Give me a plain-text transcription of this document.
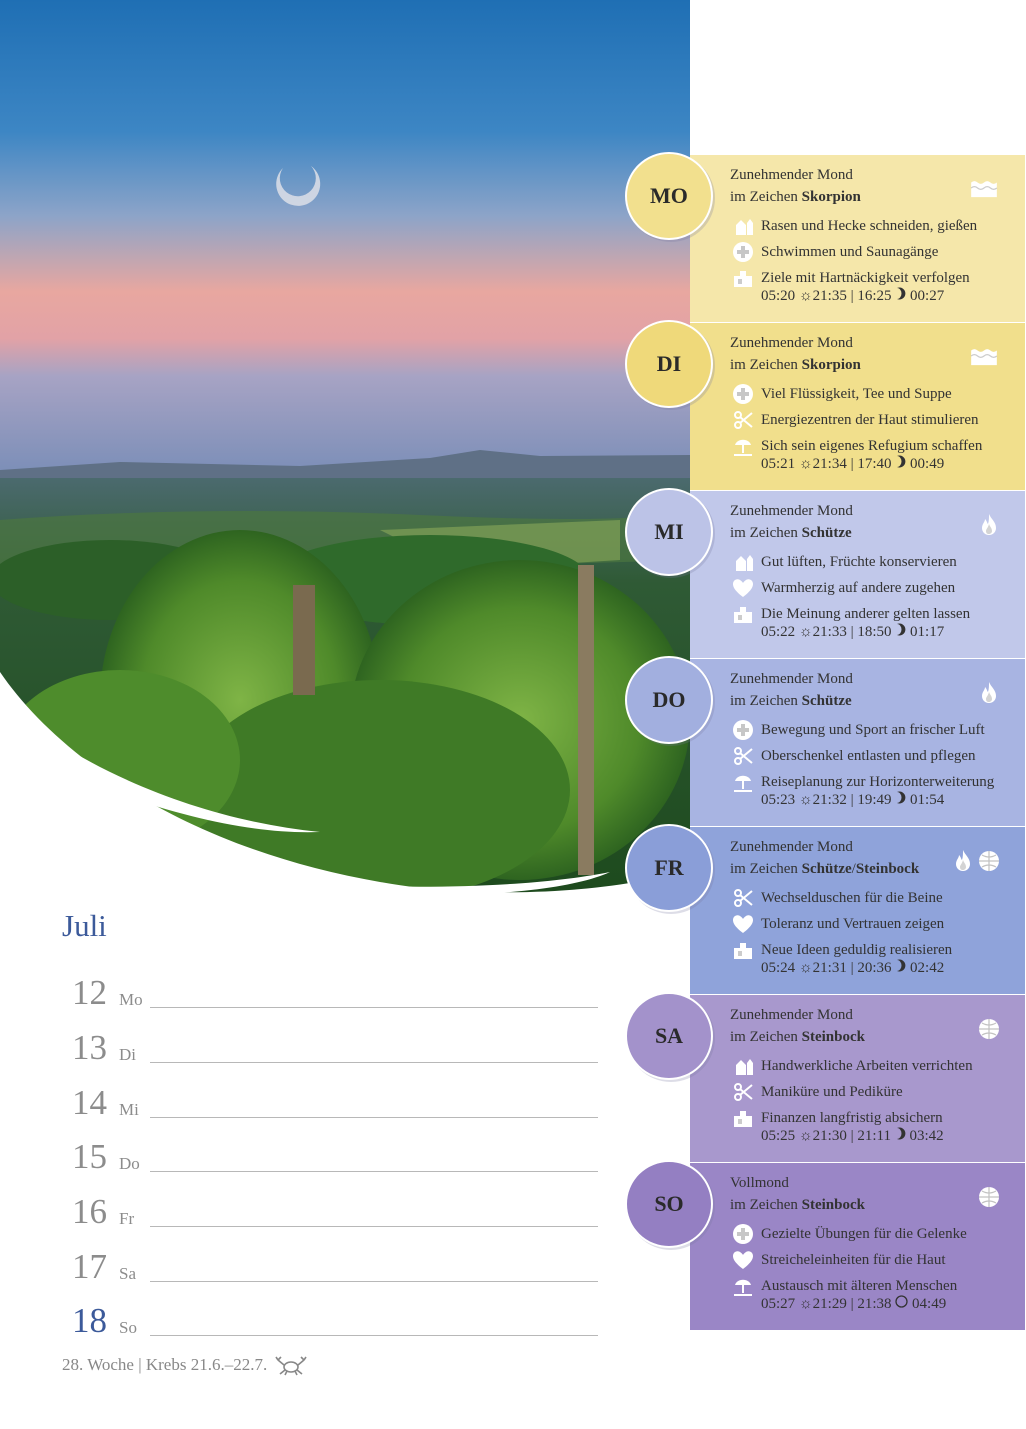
Juli
12 Mo
13 Di
14 Mi
15 Do
16 Fr
17 Sa
18 So
28. Woche | Krebs 21.6.–22.7.
Zunehmender Mond
im Zeichen Skorpion
Rasen und Hecke schneiden, gießen
Schwimmen und Saunagänge
Ziele mit Hartnäckigkeit verfolgen
05:20 ☼21:35 | 16:25 00:27
MO
Zunehmender Mond
im Zeichen Skorpion
Viel Flüssigkeit, Tee und Suppe
Energiezentren der Haut stimulieren
Sich sein eigenes Refugium schaffen
05:21 ☼21:34 | 17:40 00:49
DI
Zunehmender Mond
im Zeichen Schütze
Gut lüften, Früchte konservieren
Warmherzig auf andere zugehen
Die Meinung anderer gelten lassen
05:22 ☼21:33 | 18:50 01:17
MI
Zunehmender Mond
im Zeichen Schütze
Bewegung und Sport an frischer Luft
Oberschenkel entlasten und pflegen
Reiseplanung zur Horizonterweiterung
05:23 ☼21:32 | 19:49 01:54
DO
Zunehmender Mond
im Zeichen Schütze/Steinbock
Wechselduschen für die Beine
Toleranz und Vertrauen zeigen
Neue Ideen geduldig realisieren
05:24 ☼21:31 | 20:36 02:42
FR
Zunehmender Mond
im Zeichen Steinbock
Handwerkliche Arbeiten verrichten
Maniküre und Pediküre
Finanzen langfristig absichern
05:25 ☼21:30 | 21:11 03:42
SA
Vollmond
im Zeichen Steinbock
Gezielte Übungen für die Gelenke
Streicheleinheiten für die Haut
Austausch mit älteren Menschen
05:27 ☼21:29 | 21:38 04:49
SO
